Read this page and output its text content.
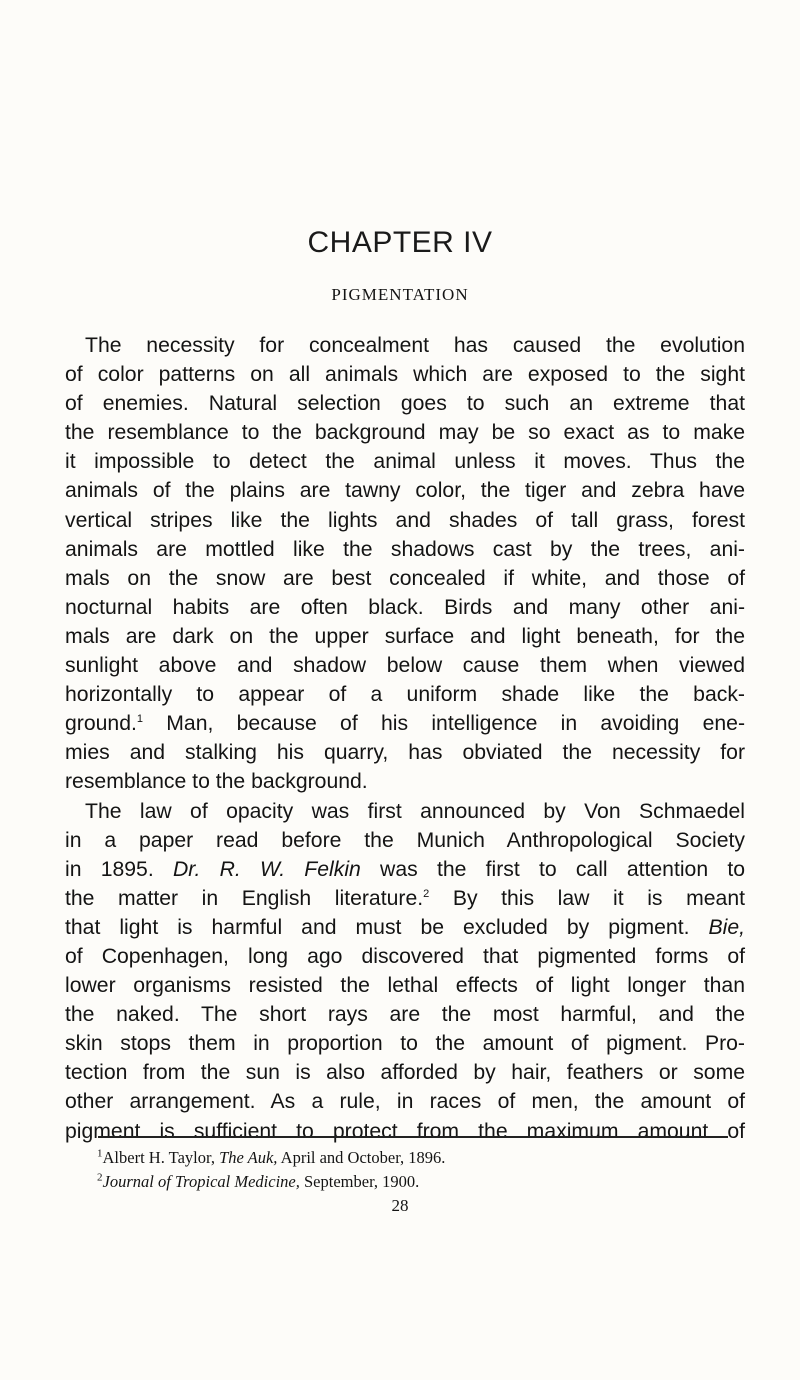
CHAPTER IV
PIGMENTATION
The necessity for concealment has caused the evolution
of color patterns on all animals which are exposed to the sight
of enemies. Natural selection goes to such an extreme that
the resemblance to the background may be so exact as to make
it impossible to detect the animal unless it moves. Thus the
animals of the plains are tawny color, the tiger and zebra have
vertical stripes like the lights and shades of tall grass, forest
animals are mottled like the shadows cast by the trees, ani-
mals on the snow are best concealed if white, and those of
nocturnal habits are often black. Birds and many other ani-
mals are dark on the upper surface and light beneath, for the
sunlight above and shadow below cause them when viewed
horizontally to appear of a uniform shade like the back-
ground.$^1$ Man, because of his intelligence in avoiding ene-
mies and stalking his quarry, has obviated the necessity for
resemblance to the background.
The law of opacity was first announced by Von Schmaedel
in a paper read before the Munich Anthropological Society
in 1895. Dr. R. W. Felkin was the first to call attention to
the matter in English literature.$^2$ By this law it is meant
that light is harmful and must be excluded by pigment. Bie,
of Copenhagen, long ago discovered that pigmented forms of
lower organisms resisted the lethal effects of light longer than
the naked. The short rays are the most harmful, and the
skin stops them in proportion to the amount of pigment. Pro-
tection from the sun is also afforded by hair, feathers or some
other arrangement. As a rule, in races of men, the amount of
pigment is sufficient to protect from the maximum amount of
$^1$Albert H. Taylor, The Auk, April and October, 1896.
$^2$Journal of Tropical Medicine, September, 1900.
28
